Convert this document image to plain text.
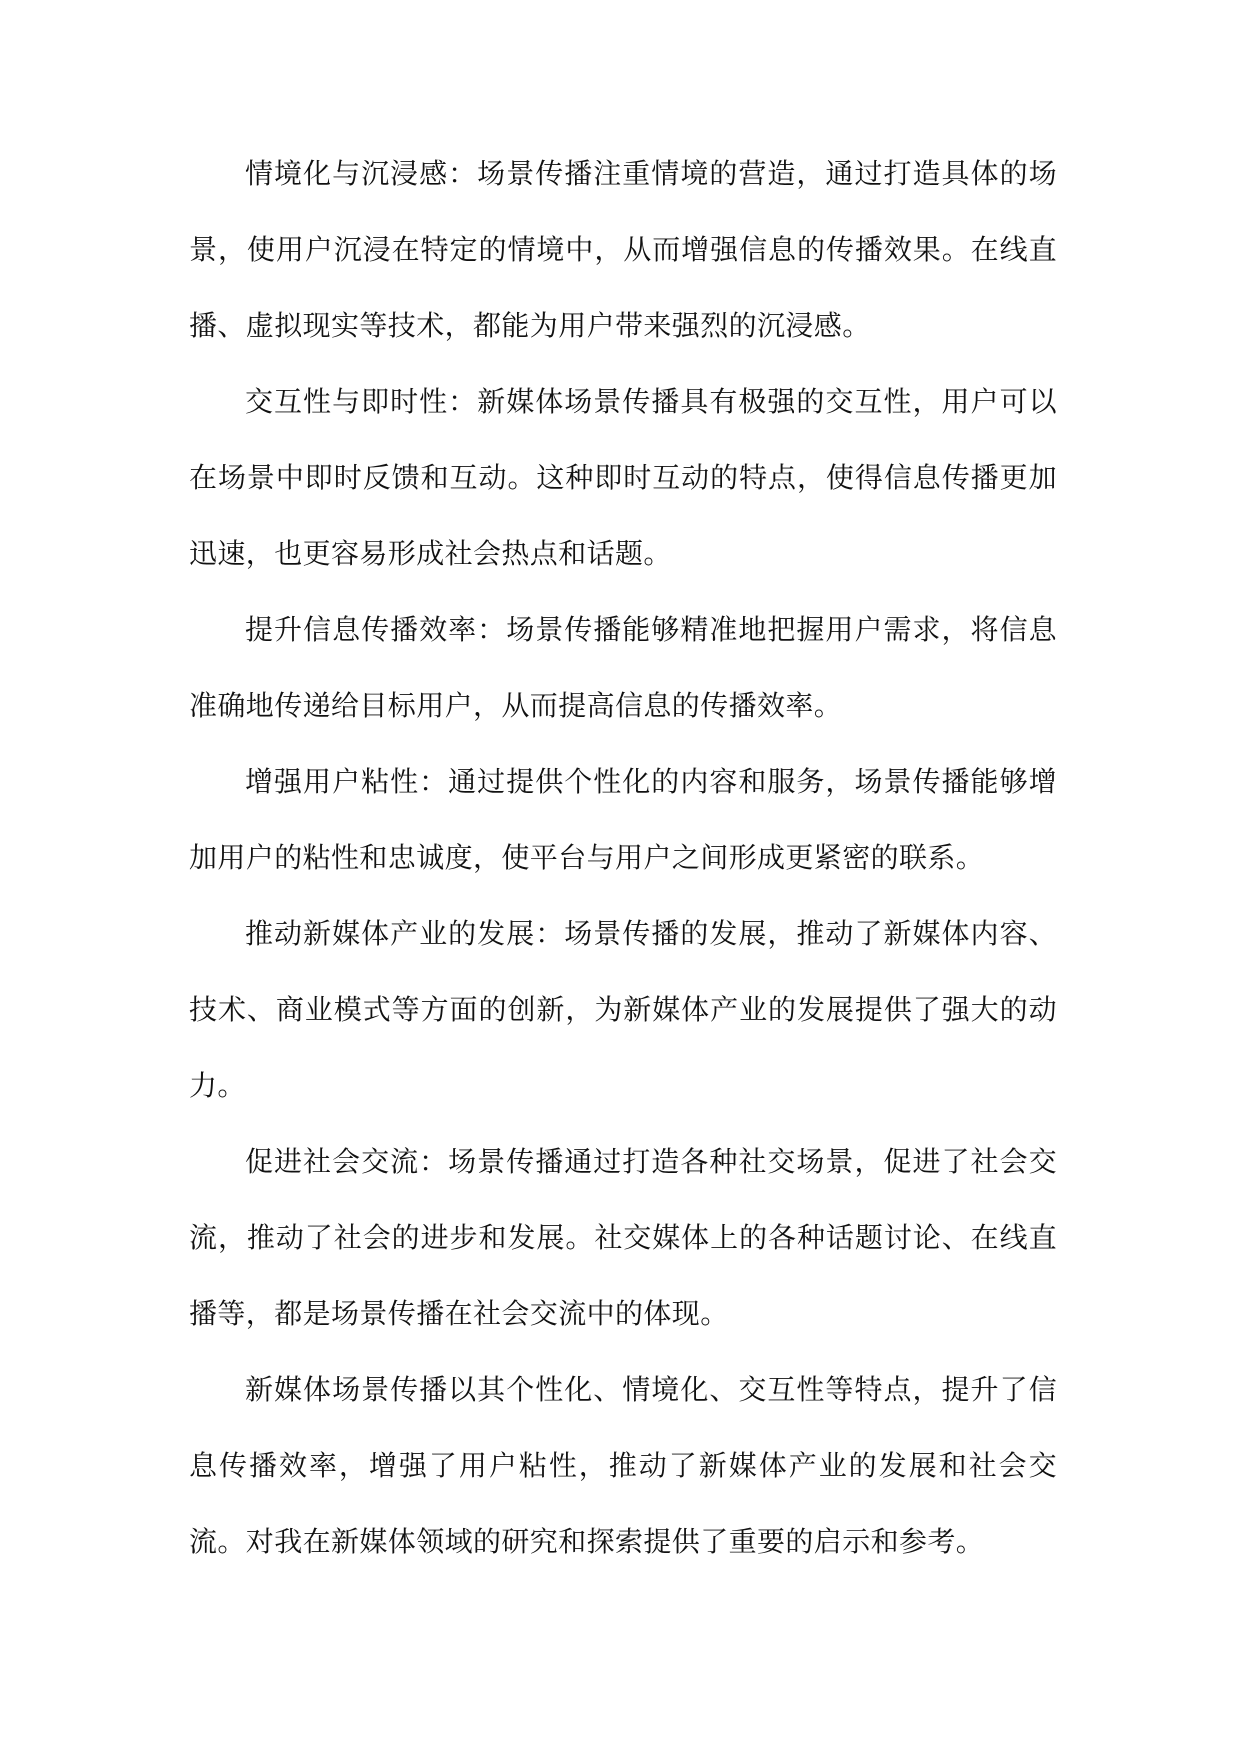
情境化与沉浸感：场景传播注重情境的营造，通过打造具体的场景，使用户沉浸在特定的情境中，从而增强信息的传播效果。在线直播、虚拟现实等技术，都能为用户带来强烈的沉浸感。

交互性与即时性：新媒体场景传播具有极强的交互性，用户可以在场景中即时反馈和互动。这种即时互动的特点，使得信息传播更加迅速，也更容易形成社会热点和话题。

提升信息传播效率：场景传播能够精准地把握用户需求，将信息准确地传递给目标用户，从而提高信息的传播效率。

增强用户粘性：通过提供个性化的内容和服务，场景传播能够增加用户的粘性和忠诚度，使平台与用户之间形成更紧密的联系。

推动新媒体产业的发展：场景传播的发展，推动了新媒体内容、技术、商业模式等方面的创新，为新媒体产业的发展提供了强大的动力。

促进社会交流：场景传播通过打造各种社交场景，促进了社会交流，推动了社会的进步和发展。社交媒体上的各种话题讨论、在线直播等，都是场景传播在社会交流中的体现。

新媒体场景传播以其个性化、情境化、交互性等特点，提升了信息传播效率，增强了用户粘性，推动了新媒体产业的发展和社会交流。对我在新媒体领域的研究和探索提供了重要的启示和参考。
